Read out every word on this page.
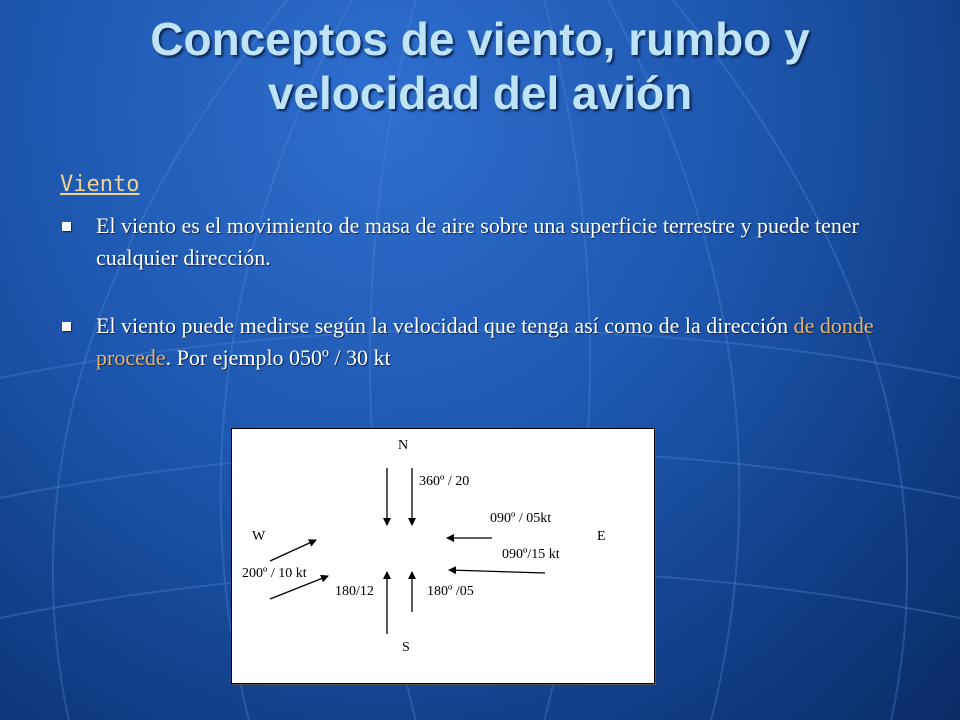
Conceptos de viento, rumbo y velocidad del avión
Viento
El viento es el movimiento de masa de aire sobre una superficie terrestre y puede tener cualquier dirección.
El viento puede medirse según la velocidad que tenga así como de la dirección de donde procede. Por ejemplo 050º / 30 kt
N
S
E
W
360º / 20
090º / 05kt
090º/15 kt
200º / 10 kt
180/12	180º /05
